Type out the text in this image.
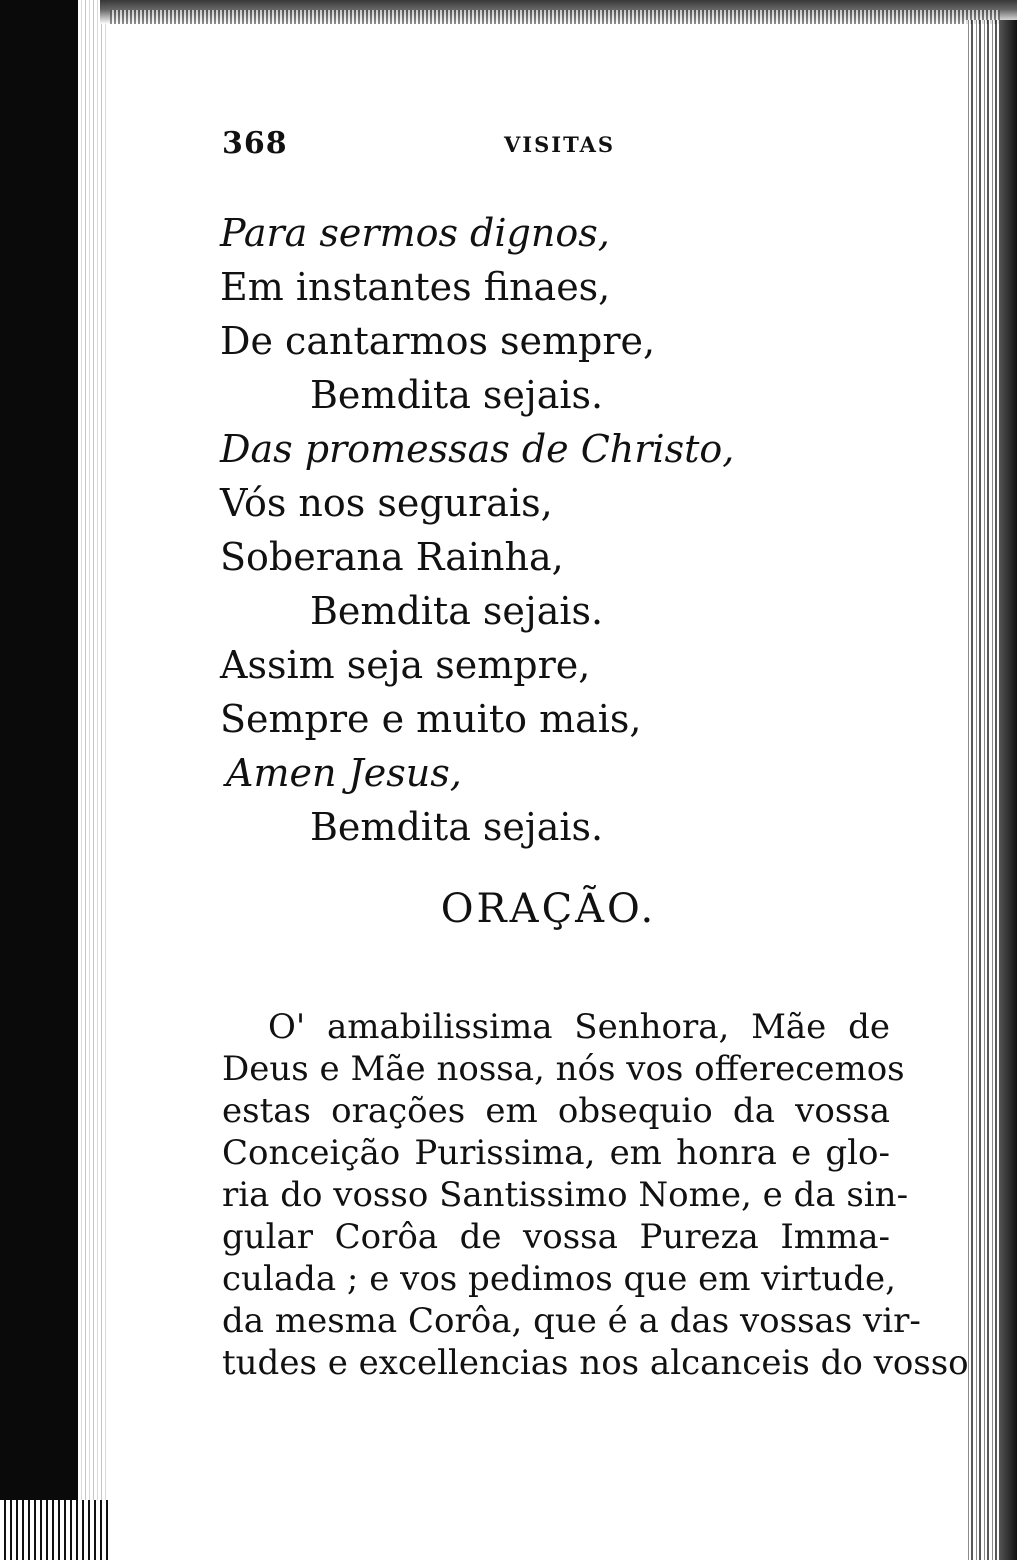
368	VISITAS
Para sermos dignos,
Em instantes finaes,
De cantarmos sempre,
Bemdita sejais.
Das promessas de Christo,
Vós nos segurais,
Soberana Rainha,
Bemdita sejais.
Assim seja sempre,
Sempre e muito mais,
Amen Jesus,
Bemdita sejais.
ORAÇÃO.
O' amabilissima Senhora, Mãe de
Deus e Mãe nossa, nós vos offerecemos
estas orações em obsequio da vossa
Conceição Purissima, em honra e glo-
ria do vosso Santissimo Nome, e da sin-
gular Corôa de vossa Pureza Imma-
culada ; e vos pedimos que em virtude,
da mesma Corôa, que é a das vossas vir-
tudes e excellencias nos alcanceis do vosso
